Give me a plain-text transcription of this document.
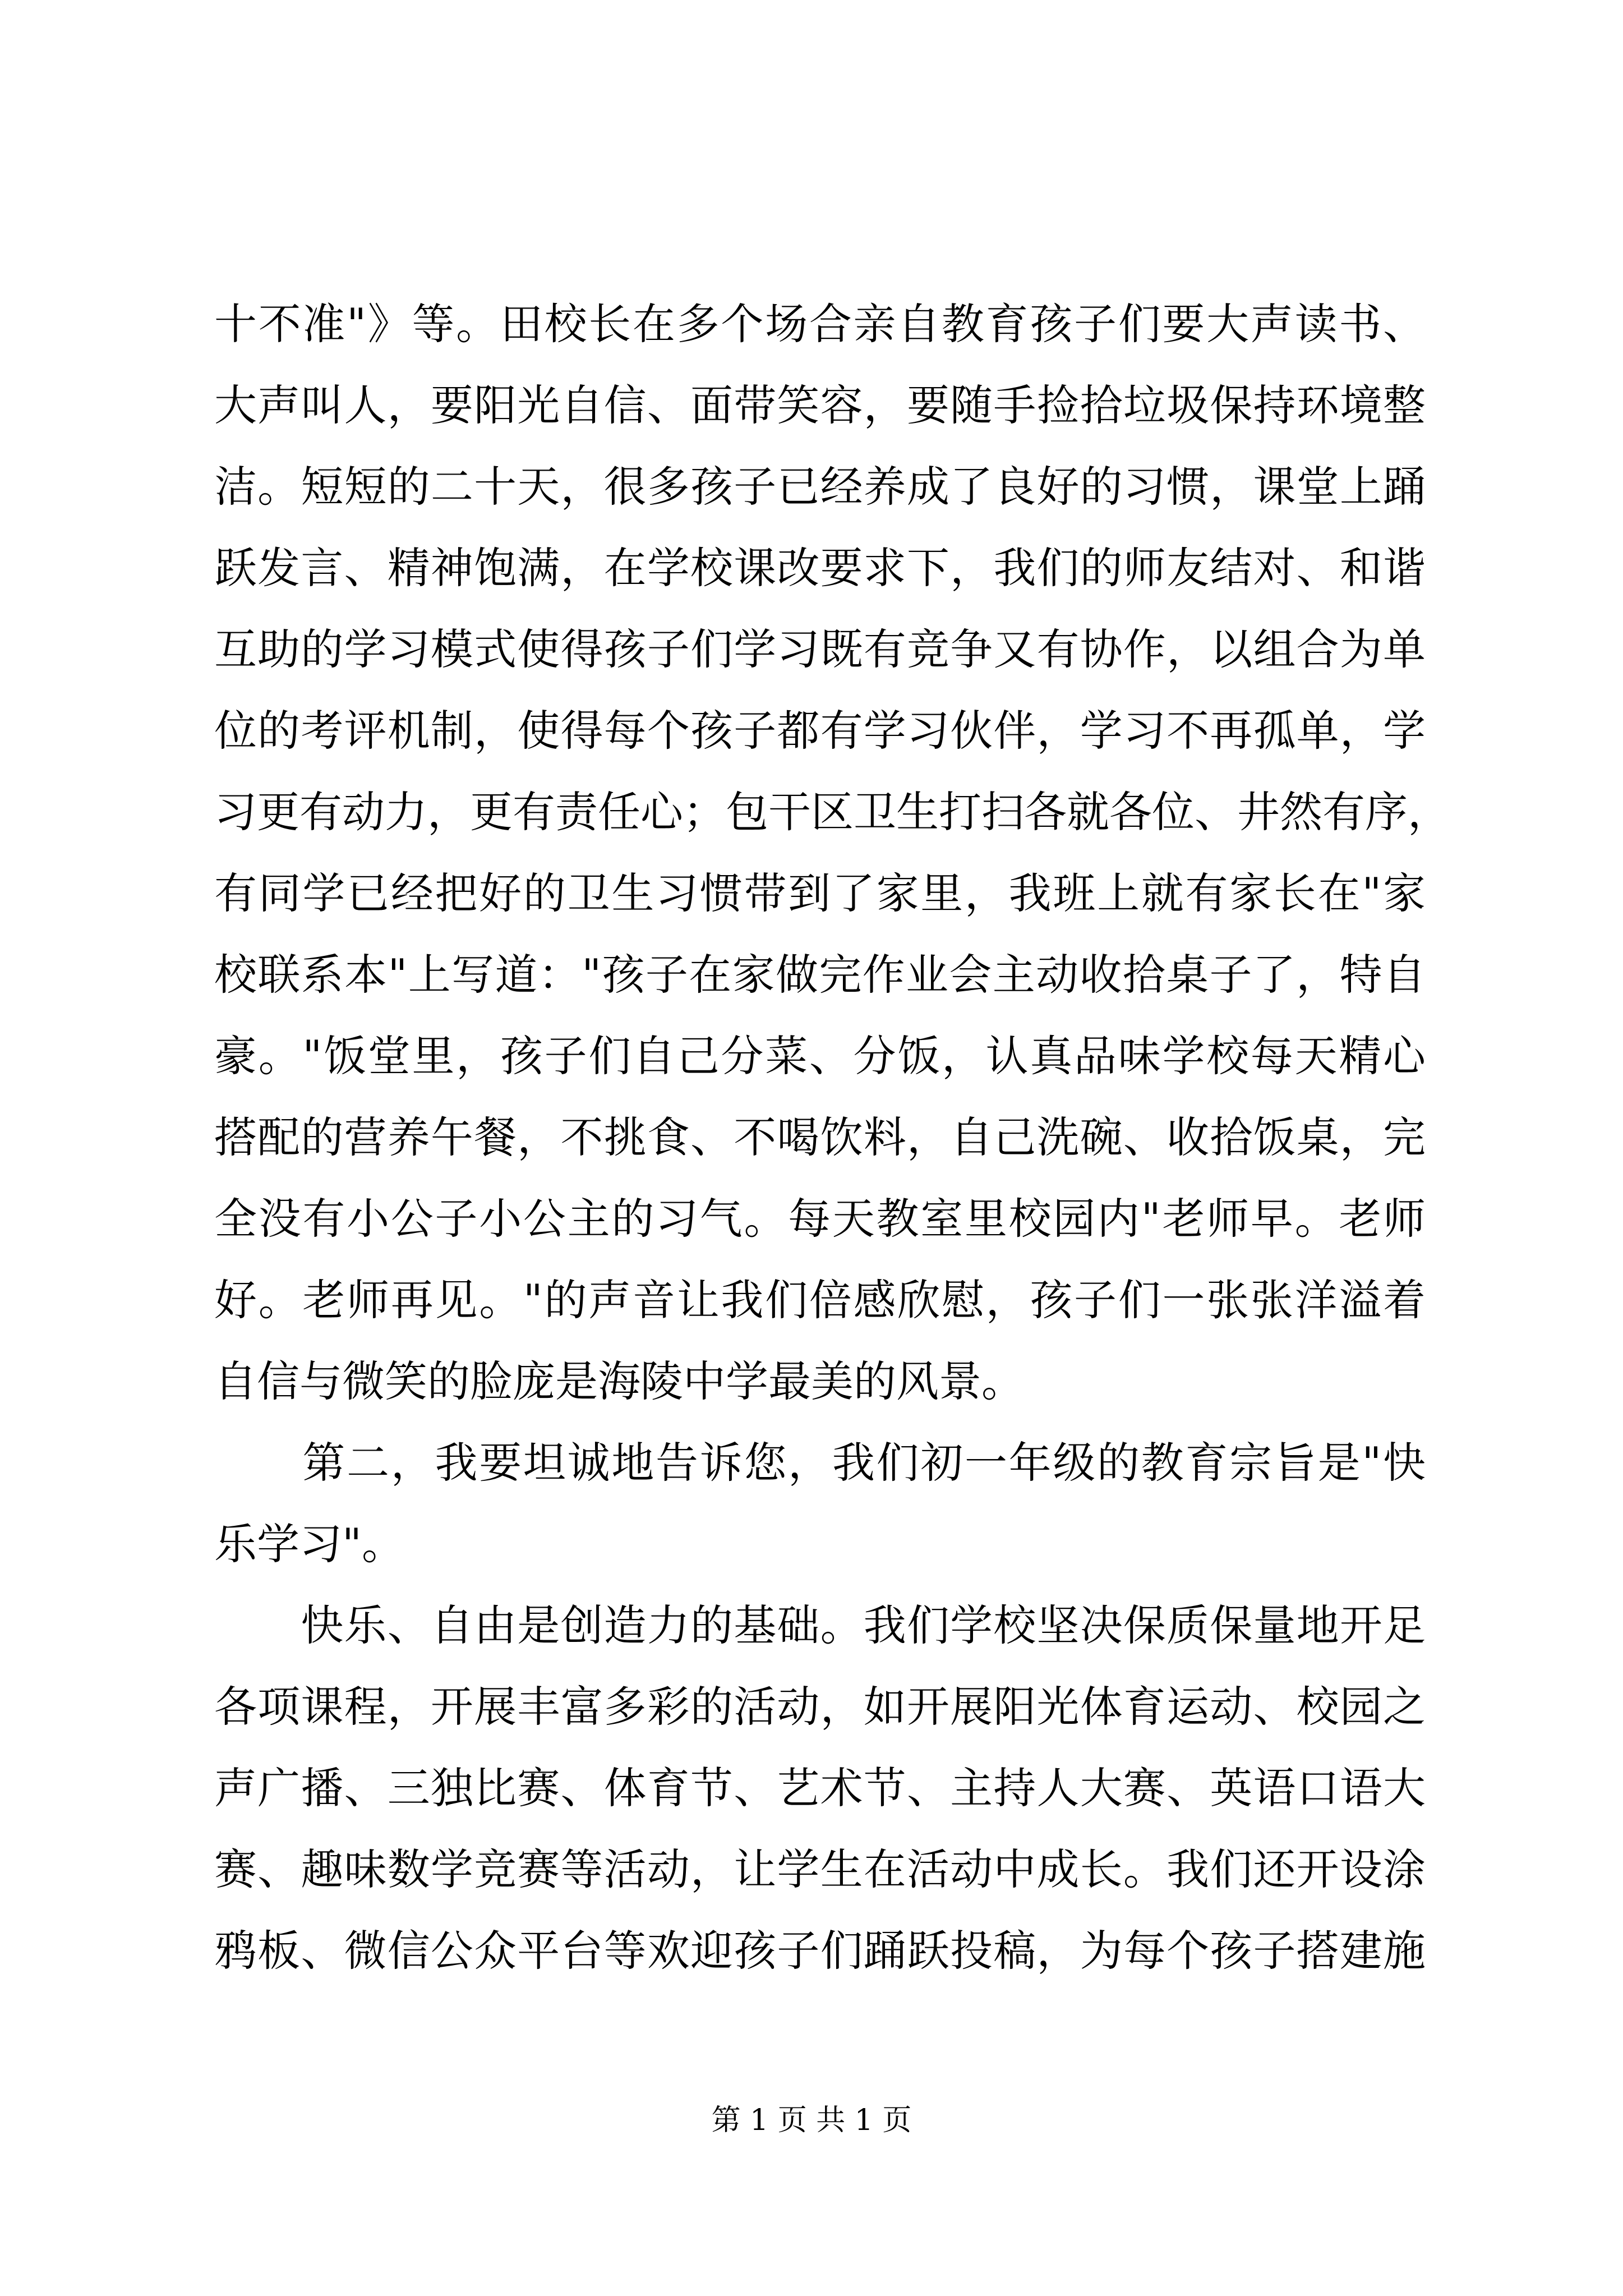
十不准"》等。田校长在多个场合亲自教育孩子们要大声读书、
大声叫人，要阳光自信、面带笑容，要随手捡拾垃圾保持环境整
洁。短短的二十天，很多孩子已经养成了良好的习惯，课堂上踊
跃发言、精神饱满，在学校课改要求下，我们的师友结对、和谐
互助的学习模式使得孩子们学习既有竞争又有协作，以组合为单
位的考评机制，使得每个孩子都有学习伙伴，学习不再孤单，学
习更有动力，更有责任心；包干区卫生打扫各就各位、井然有序，
有同学已经把好的卫生习惯带到了家里，我班上就有家长在"家
校联系本"上写道："孩子在家做完作业会主动收拾桌子了，特自
豪。"饭堂里，孩子们自己分菜、分饭，认真品味学校每天精心
搭配的营养午餐，不挑食、不喝饮料，自己洗碗、收拾饭桌，完
全没有小公子小公主的习气。每天教室里校园内"老师早。老师
好。老师再见。"的声音让我们倍感欣慰，孩子们一张张洋溢着
自信与微笑的脸庞是海陵中学最美的风景。
　　第二，我要坦诚地告诉您，我们初一年级的教育宗旨是"快
乐学习"。
　　快乐、自由是创造力的基础。我们学校坚决保质保量地开足
各项课程，开展丰富多彩的活动，如开展阳光体育运动、校园之
声广播、三独比赛、体育节、艺术节、主持人大赛、英语口语大
赛、趣味数学竞赛等活动，让学生在活动中成长。我们还开设涂
鸦板、微信公众平台等欢迎孩子们踊跃投稿，为每个孩子搭建施
第 1 页 共 1 页
